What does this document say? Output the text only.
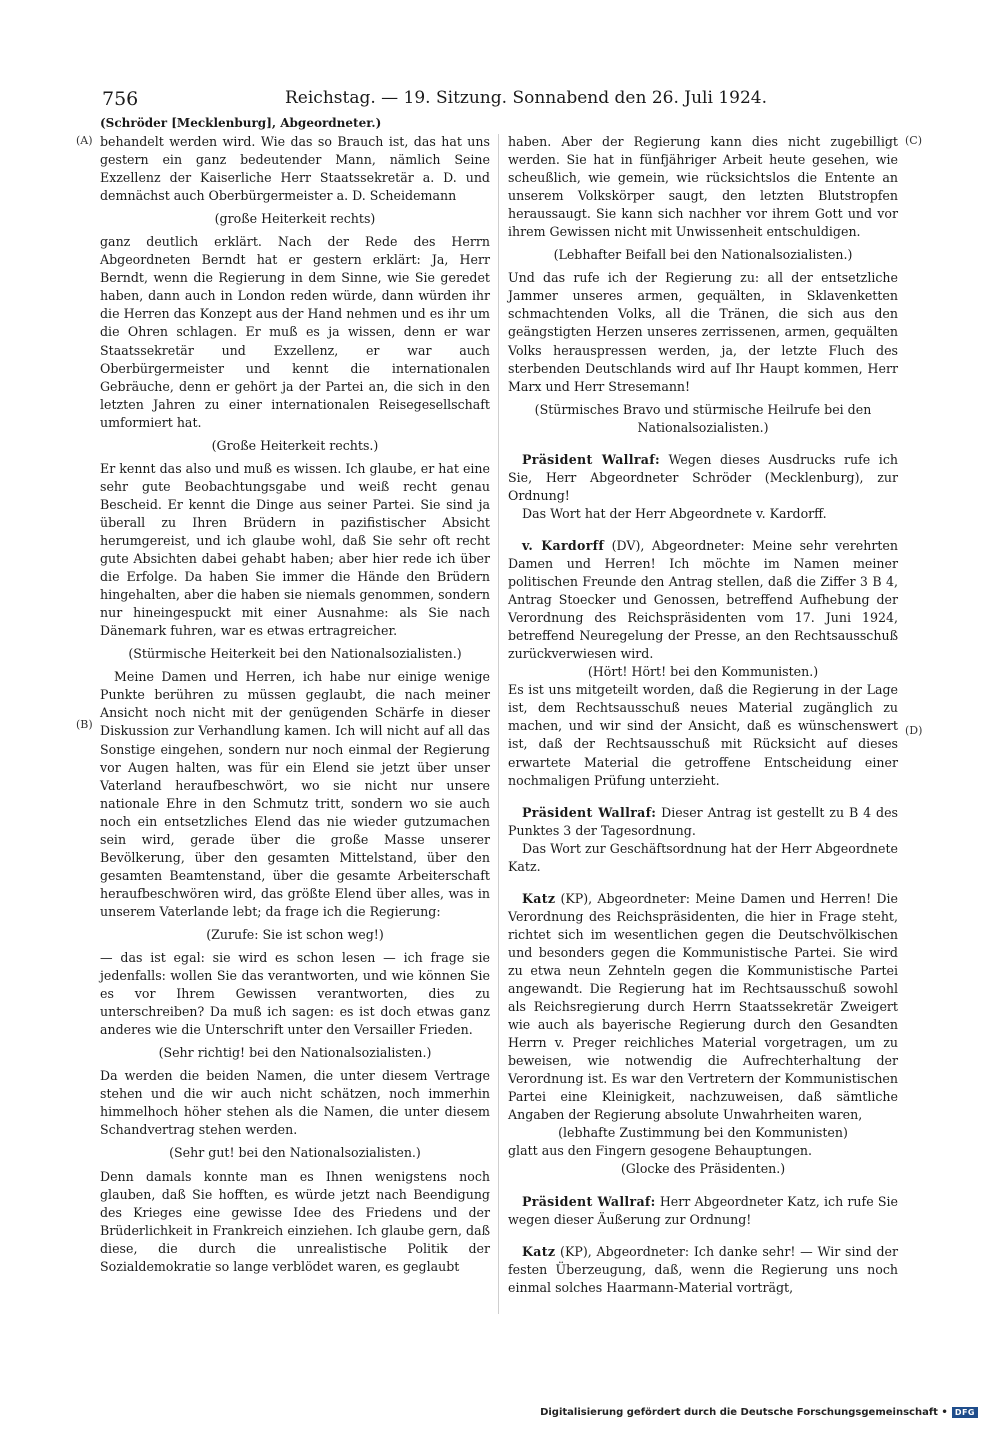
756	Reichstag. — 19. Sitzung. Sonnabend den 26. Juli 1924.
(Schröder [Mecklenburg], Abgeordneter.)
(A)
(B)
(C)
(D)

behandelt werden wird. Wie das so Brauch ist, das hat uns gestern ein ganz bedeutender Mann, nämlich Seine Exzellenz der Kaiserliche Herr Staatssekretär a. D. und demnächst auch Oberbürgermeister a. D. Scheidemann

(große Heiterkeit rechts)

ganz deutlich erklärt. Nach der Rede des Herrn Abgeordneten Berndt hat er gestern erklärt: Ja, Herr Berndt, wenn die Regierung in dem Sinne, wie Sie geredet haben, dann auch in London reden würde, dann würden ihr die Herren das Konzept aus der Hand nehmen und es ihr um die Ohren schlagen. Er muß es ja wissen, denn er war Staatssekretär und Exzellenz, er war auch Oberbürgermeister und kennt die internationalen Gebräuche, denn er gehört ja der Partei an, die sich in den letzten Jahren zu einer internationalen Reisegesellschaft umformiert hat.

(Große Heiterkeit rechts.)

Er kennt das also und muß es wissen. Ich glaube, er hat eine sehr gute Beobachtungsgabe und weiß recht genau Bescheid. Er kennt die Dinge aus seiner Partei. Sie sind ja überall zu Ihren Brüdern in pazifistischer Absicht herumgereist, und ich glaube wohl, daß Sie sehr oft recht gute Absichten dabei gehabt haben; aber hier rede ich über die Erfolge. Da haben Sie immer die Hände den Brüdern hingehalten, aber die haben sie niemals genommen, sondern nur hineingespuckt mit einer Ausnahme: als Sie nach Dänemark fuhren, war es etwas ertragreicher.

(Stürmische Heiterkeit bei den Nationalsozialisten.)

Meine Damen und Herren, ich habe nur einige wenige Punkte berühren zu müssen geglaubt, die nach meiner Ansicht noch nicht mit der genügenden Schärfe in dieser Diskussion zur Verhandlung kamen. Ich will nicht auf all das Sonstige eingehen, sondern nur noch einmal der Regierung vor Augen halten, was für ein Elend sie jetzt über unser Vaterland heraufbeschwört, wo sie nicht nur unsere nationale Ehre in den Schmutz tritt, sondern wo sie auch noch ein entsetzliches Elend das nie wieder gutzumachen sein wird, gerade über die große Masse unserer Bevölkerung, über den gesamten Mittelstand, über den gesamten Beamtenstand, über die gesamte Arbeiterschaft heraufbeschwören wird, das größte Elend über alles, was in unserem Vaterlande lebt; da frage ich die Regierung:

(Zurufe: Sie ist schon weg!)

— das ist egal: sie wird es schon lesen — ich frage sie jedenfalls: wollen Sie das verantworten, und wie können Sie es vor Ihrem Gewissen verantworten, dies zu unterschreiben? Da muß ich sagen: es ist doch etwas ganz anderes wie die Unterschrift unter den Versailler Frieden.

(Sehr richtig! bei den Nationalsozialisten.)

Da werden die beiden Namen, die unter diesem Vertrage stehen und die wir auch nicht schätzen, noch immerhin himmelhoch höher stehen als die Namen, die unter diesem Schandvertrag stehen werden.

(Sehr gut! bei den Nationalsozialisten.)

Denn damals konnte man es Ihnen wenigstens noch glauben, daß Sie hofften, es würde jetzt nach Beendigung des Krieges eine gewisse Idee des Friedens und der Brüderlichkeit in Frankreich einziehen. Ich glaube gern, daß diese, die durch die unrealistische Politik der Sozialdemokratie so lange verblödet waren, es geglaubt

haben. Aber der Regierung kann dies nicht zugebilligt werden. Sie hat in fünfjähriger Arbeit heute gesehen, wie scheußlich, wie gemein, wie rücksichtslos die Entente an unserem Volkskörper saugt, den letzten Blutstropfen heraussaugt. Sie kann sich nachher vor ihrem Gott und vor ihrem Gewissen nicht mit Unwissenheit entschuldigen.

(Lebhafter Beifall bei den Nationalsozialisten.)

Und das rufe ich der Regierung zu: all der entsetzliche Jammer unseres armen, gequälten, in Sklavenketten schmachtenden Volks, all die Tränen, die sich aus den geängstigten Herzen unseres zerrissenen, armen, gequälten Volks herauspressen werden, ja, der letzte Fluch des sterbenden Deutschlands wird auf Ihr Haupt kommen, Herr Marx und Herr Stresemann!

(Stürmisches Bravo und stürmische Heilrufe bei den Nationalsozialisten.)

Präsident Wallraf: Wegen dieses Ausdrucks rufe ich Sie, Herr Abgeordneter Schröder (Mecklenburg), zur Ordnung!

Das Wort hat der Herr Abgeordnete v. Kardorff.

v. Kardorff (DV), Abgeordneter: Meine sehr verehrten Damen und Herren! Ich möchte im Namen meiner politischen Freunde den Antrag stellen, daß die Ziffer 3 B 4, Antrag Stoecker und Genossen, betreffend Aufhebung der Verordnung des Reichspräsidenten vom 17. Juni 1924, betreffend Neuregelung der Presse, an den Rechtsausschuß zurückverwiesen wird.

(Hört! Hört! bei den Kommunisten.)

Es ist uns mitgeteilt worden, daß die Regierung in der Lage ist, dem Rechtsausschuß neues Material zugänglich zu machen, und wir sind der Ansicht, daß es wünschenswert ist, daß der Rechtsausschuß mit Rücksicht auf dieses erwartete Material die getroffene Entscheidung einer nochmaligen Prüfung unterzieht.

Präsident Wallraf: Dieser Antrag ist gestellt zu B 4 des Punktes 3 der Tagesordnung.

Das Wort zur Geschäftsordnung hat der Herr Abgeordnete Katz.

Katz (KP), Abgeordneter: Meine Damen und Herren! Die Verordnung des Reichspräsidenten, die hier in Frage steht, richtet sich im wesentlichen gegen die Deutschvölkischen und besonders gegen die Kommunistische Partei. Sie wird zu etwa neun Zehnteln gegen die Kommunistische Partei angewandt. Die Regierung hat im Rechtsausschuß sowohl als Reichsregierung durch Herrn Staatssekretär Zweigert wie auch als bayerische Regierung durch den Gesandten Herrn v. Preger reichliches Material vorgetragen, um zu beweisen, wie notwendig die Aufrechterhaltung der Verordnung ist. Es war den Vertretern der Kommunistischen Partei eine Kleinigkeit, nachzuweisen, daß sämtliche Angaben der Regierung absolute Unwahrheiten waren,

(lebhafte Zustimmung bei den Kommunisten)

glatt aus den Fingern gesogene Behauptungen.

(Glocke des Präsidenten.)

Präsident Wallraf: Herr Abgeordneter Katz, ich rufe Sie wegen dieser Äußerung zur Ordnung!

Katz (KP), Abgeordneter: Ich danke sehr! — Wir sind der festen Überzeugung, daß, wenn die Regierung uns noch einmal solches Haarmann-Material vorträgt,

Digitalisierung gefördert durch die Deutsche Forschungsgemeinschaft • DFG
